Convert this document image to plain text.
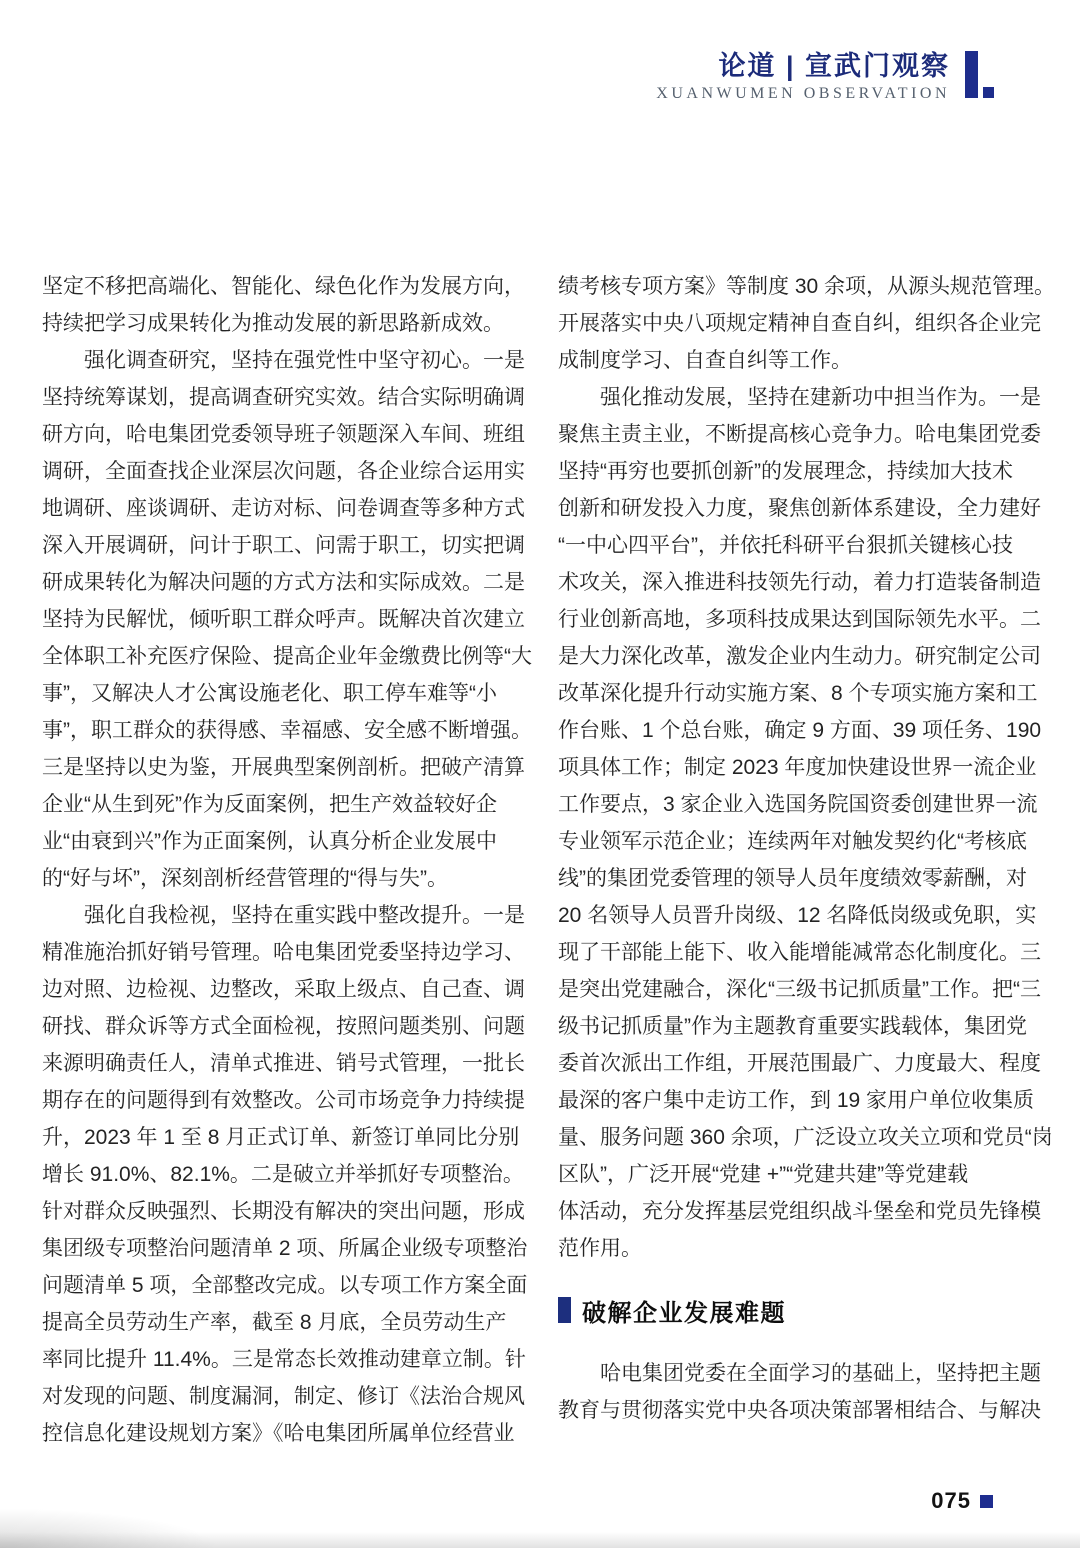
论道 | 宣武门观察
XUANWUMEN OBSERVATION
坚定不移把高端化、智能化、绿色化作为发展方向，
持续把学习成果转化为推动发展的新思路新成效。
　　强化调查研究，坚持在强党性中坚守初心。一是
坚持统筹谋划，提高调查研究实效。结合实际明确调
研方向，哈电集团党委领导班子领题深入车间、班组
调研，全面查找企业深层次问题，各企业综合运用实
地调研、座谈调研、走访对标、问卷调查等多种方式
深入开展调研，问计于职工、问需于职工，切实把调
研成果转化为解决问题的方式方法和实际成效。二是
坚持为民解忧，倾听职工群众呼声。既解决首次建立
全体职工补充医疗保险、提高企业年金缴费比例等“大
事”，又解决人才公寓设施老化、职工停车难等“小
事”，职工群众的获得感、幸福感、安全感不断增强。
三是坚持以史为鉴，开展典型案例剖析。把破产清算
企业“从生到死”作为反面案例，把生产效益较好企
业“由衰到兴”作为正面案例，认真分析企业发展中
的“好与坏”，深刻剖析经营管理的“得与失”。
　　强化自我检视，坚持在重实践中整改提升。一是
精准施治抓好销号管理。哈电集团党委坚持边学习、
边对照、边检视、边整改，采取上级点、自己查、调
研找、群众诉等方式全面检视，按照问题类别、问题
来源明确责任人，清单式推进、销号式管理，一批长
期存在的问题得到有效整改。公司市场竞争力持续提
升，2023 年 1 至 8 月正式订单、新签订单同比分别
增长 91.0%、82.1%。二是破立并举抓好专项整治。
针对群众反映强烈、长期没有解决的突出问题，形成
集团级专项整治问题清单 2 项、所属企业级专项整治
问题清单 5 项，全部整改完成。以专项工作方案全面
提高全员劳动生产率，截至 8 月底，全员劳动生产
率同比提升 11.4%。三是常态长效推动建章立制。针
对发现的问题、制度漏洞，制定、修订《法治合规风
控信息化建设规划方案》《哈电集团所属单位经营业
绩考核专项方案》等制度 30 余项，从源头规范管理。
开展落实中央八项规定精神自查自纠，组织各企业完
成制度学习、自查自纠等工作。
　　强化推动发展，坚持在建新功中担当作为。一是
聚焦主责主业，不断提高核心竞争力。哈电集团党委
坚持“再穷也要抓创新”的发展理念，持续加大技术
创新和研发投入力度，聚焦创新体系建设，全力建好
“一中心四平台”，并依托科研平台狠抓关键核心技
术攻关，深入推进科技领先行动，着力打造装备制造
行业创新高地，多项科技成果达到国际领先水平。二
是大力深化改革，激发企业内生动力。研究制定公司
改革深化提升行动实施方案、8 个专项实施方案和工
作台账、1 个总台账，确定 9 方面、39 项任务、190
项具体工作；制定 2023 年度加快建设世界一流企业
工作要点，3 家企业入选国务院国资委创建世界一流
专业领军示范企业；连续两年对触发契约化“考核底
线”的集团党委管理的领导人员年度绩效零薪酬，对
20 名领导人员晋升岗级、12 名降低岗级或免职，实
现了干部能上能下、收入能增能减常态化制度化。三
是突出党建融合，深化“三级书记抓质量”工作。把“三
级书记抓质量”作为主题教育重要实践载体，集团党
委首次派出工作组，开展范围最广、力度最大、程度
最深的客户集中走访工作，到 19 家用户单位收集质
量、服务问题 360 余项，广泛设立攻关立项和党员“岗
区队”，广泛开展“党建 +”“党建共建”等党建载
体活动，充分发挥基层党组织战斗堡垒和党员先锋模
范作用。
破解企业发展难题
　　哈电集团党委在全面学习的基础上，坚持把主题
教育与贯彻落实党中央各项决策部署相结合、与解决
075
